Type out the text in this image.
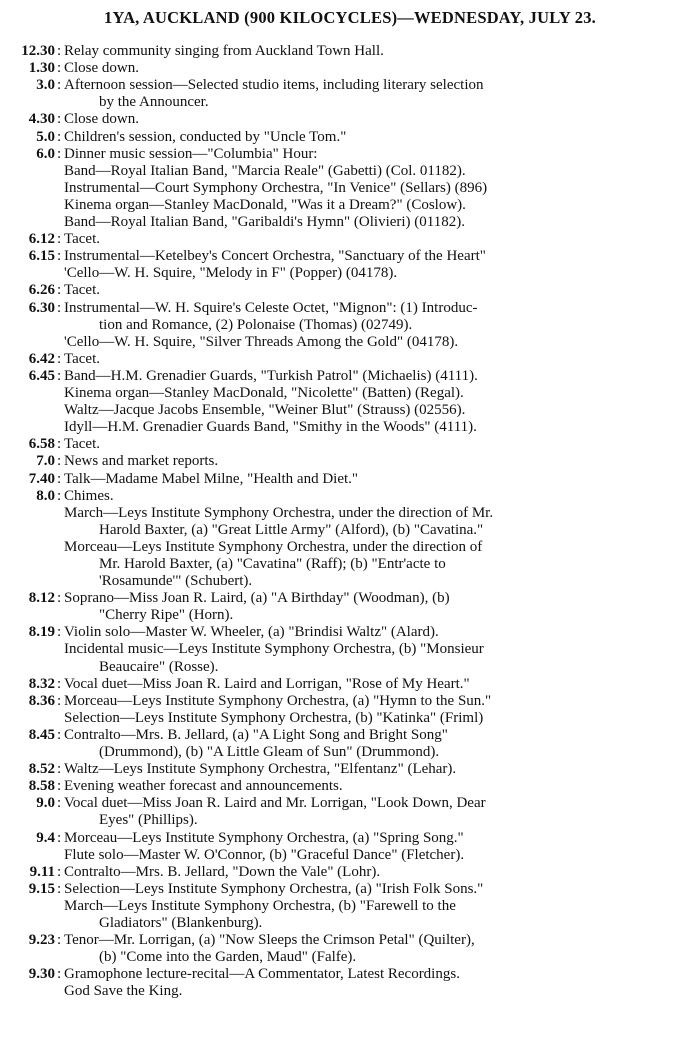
1YA, AUCKLAND (900 KILOCYCLES)—WEDNESDAY, JULY 23.
12.30 : Relay community singing from Auckland Town Hall.
1.30 : Close down.
3.0 : Afternoon session—Selected studio items, including literary selection
by the Announcer.
4.30 : Close down.
5.0 : Children's session, conducted by "Uncle Tom."
6.0 : Dinner music session—"Columbia" Hour:
Band—Royal Italian Band, "Marcia Reale" (Gabetti) (Col. 01182).
Instrumental—Court Symphony Orchestra, "In Venice" (Sellars) (896)
Kinema organ—Stanley MacDonald, "Was it a Dream?" (Coslow).
Band—Royal Italian Band, "Garibaldi's Hymn" (Olivieri) (01182).
6.12 : Tacet.
6.15 : Instrumental—Ketelbey's Concert Orchestra, "Sanctuary of the Heart"
'Cello—W. H. Squire, "Melody in F" (Popper) (04178).
6.26 : Tacet.
6.30 : Instrumental—W. H. Squire's Celeste Octet, "Mignon": (1) Introduc-
tion and Romance, (2) Polonaise (Thomas) (02749).
'Cello—W. H. Squire, "Silver Threads Among the Gold" (04178).
6.42 : Tacet.
6.45 : Band—H.M. Grenadier Guards, "Turkish Patrol" (Michaelis) (4111).
Kinema organ—Stanley MacDonald, "Nicolette" (Batten) (Regal).
Waltz—Jacque Jacobs Ensemble, "Weiner Blut" (Strauss) (02556).
Idyll—H.M. Grenadier Guards Band, "Smithy in the Woods" (4111).
6.58 : Tacet.
7.0 : News and market reports.
7.40 : Talk—Madame Mabel Milne, "Health and Diet."
8.0 : Chimes.
March—Leys Institute Symphony Orchestra, under the direction of Mr.
Harold Baxter, (a) "Great Little Army" (Alford), (b) "Cavatina."
Morceau—Leys Institute Symphony Orchestra, under the direction of
Mr. Harold Baxter, (a) "Cavatina" (Raff); (b) "Entr'acte to
'Rosamunde'" (Schubert).
8.12 : Soprano—Miss Joan R. Laird, (a) "A Birthday" (Woodman), (b)
"Cherry Ripe" (Horn).
8.19 : Violin solo—Master W. Wheeler, (a) "Brindisi Waltz" (Alard).
Incidental music—Leys Institute Symphony Orchestra, (b) "Monsieur
Beaucaire" (Rosse).
8.32 : Vocal duet—Miss Joan R. Laird and Lorrigan, "Rose of My Heart."
8.36 : Morceau—Leys Institute Symphony Orchestra, (a) "Hymn to the Sun."
Selection—Leys Institute Symphony Orchestra, (b) "Katinka" (Friml)
8.45 : Contralto—Mrs. B. Jellard, (a) "A Light Song and Bright Song"
(Drummond), (b) "A Little Gleam of Sun" (Drummond).
8.52 : Waltz—Leys Institute Symphony Orchestra, "Elfentanz" (Lehar).
8.58 : Evening weather forecast and announcements.
9.0 : Vocal duet—Miss Joan R. Laird and Mr. Lorrigan, "Look Down, Dear
Eyes" (Phillips).
9.4 : Morceau—Leys Institute Symphony Orchestra, (a) "Spring Song."
Flute solo—Master W. O'Connor, (b) "Graceful Dance" (Fletcher).
9.11 : Contralto—Mrs. B. Jellard, "Down the Vale" (Lohr).
9.15 : Selection—Leys Institute Symphony Orchestra, (a) "Irish Folk Sons."
March—Leys Institute Symphony Orchestra, (b) "Farewell to the
Gladiators" (Blankenburg).
9.23 : Tenor—Mr. Lorrigan, (a) "Now Sleeps the Crimson Petal" (Quilter),
(b) "Come into the Garden, Maud" (Falfe).
9.30 : Gramophone lecture-recital—A Commentator, Latest Recordings.
God Save the King.
